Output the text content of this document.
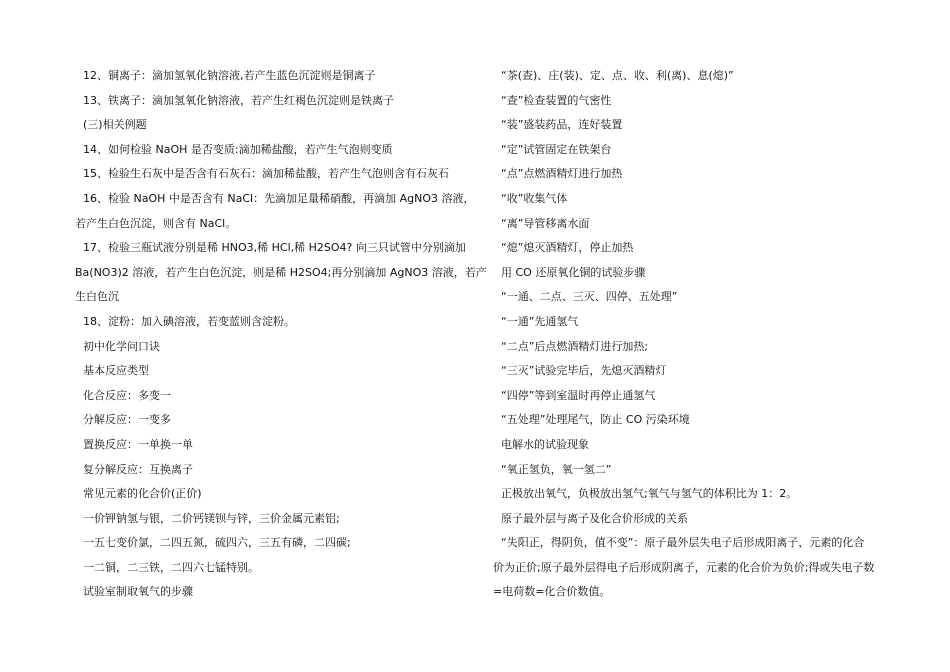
12、铜离子：滴加氢氧化钠溶液,若产生蓝色沉淀则是铜离子
13、铁离子：滴加氢氧化钠溶液，若产生红褐色沉淀则是铁离子
(三)相关例题
14、如何检验 NaOH 是否变质:滴加稀盐酸，若产生气泡则变质
15、检验生石灰中是否含有石灰石：滴加稀盐酸，若产生气泡则含有石灰石
16、检验 NaOH 中是否含有 NaCl：先滴加足量稀硝酸，再滴加 AgNO3 溶液，
若产生白色沉淀，则含有 NaCl。
17、检验三瓶试液分别是稀 HNO3,稀 HCl,稀 H2SO4? 向三只试管中分别滴加
Ba(NO3)2 溶液，若产生白色沉淀，则是稀 H2SO4;再分别滴加 AgNO3 溶液，若产
生白色沉
18、淀粉：加入碘溶液，若变蓝则含淀粉。
初中化学问口诀
基本反应类型
化合反应：多变一
分解反应：一变多
置换反应：一单换一单
复分解反应：互换离子
常见元素的化合价(正价)
一价钾钠氢与银，二价钙镁钡与锌，三价金属元素铝;
一五七变价氯，二四五氮，硫四六，三五有磷，二四碳;
一二铜，二三铁，二四六七锰特别。
试验室制取氧气的步骤
“茶(查)、庄(装)、定、点、收、利(离)、息(熄)”
“查”检查装置的气密性
“装”盛装药品，连好装置
“定”试管固定在铁架台
“点”点燃酒精灯进行加热
“收”收集气体
“离”导管移离水面
“熄”熄灭酒精灯，停止加热
用 CO 还原氧化铜的试验步骤
“一通、二点、三灭、四停、五处理”
“一通”先通氢气
“二点”后点燃酒精灯进行加热;
“三灭”试验完毕后，先熄灭酒精灯
“四停”等到室温时再停止通氢气
“五处理”处理尾气，防止 CO 污染环境
电解水的试验现象
“氧正氢负，氧一氢二”
正极放出氧气，负极放出氢气;氧气与氢气的体积比为 1：2。
原子最外层与离子及化合价形成的关系
“失阳正，得阴负，值不变”：原子最外层失电子后形成阳离子，元素的化合
价为正价;原子最外层得电子后形成阴离子，元素的化合价为负价;得或失电子数
=电荷数=化合价数值。
